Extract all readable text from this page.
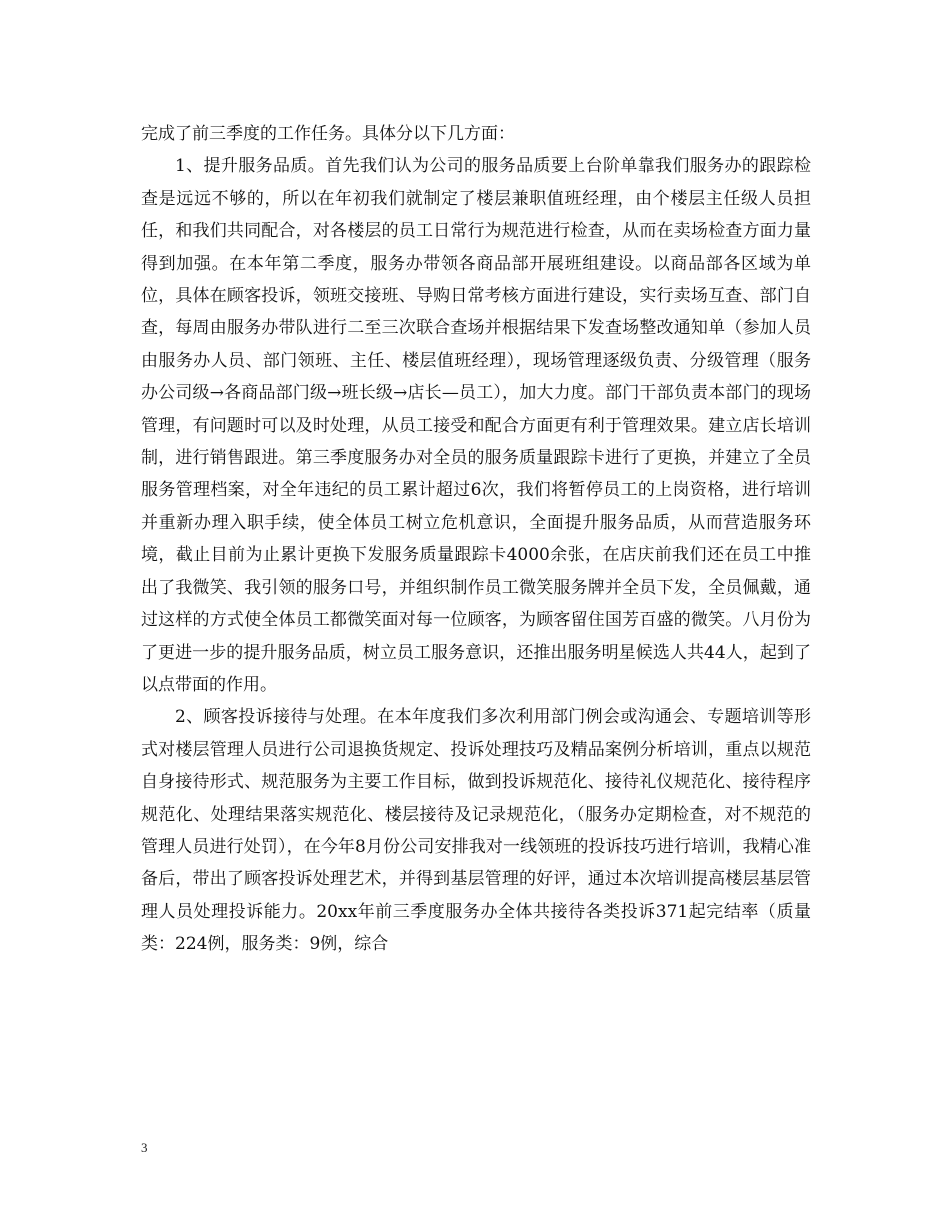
完成了前三季度的工作任务。具体分以下几方面：

1、提升服务品质。首先我们认为公司的服务品质要上台阶单靠我们服务办的跟踪检查是远远不够的，所以在年初我们就制定了楼层兼职值班经理，由个楼层主任级人员担任，和我们共同配合，对各楼层的员工日常行为规范进行检查，从而在卖场检查方面力量得到加强。在本年第二季度，服务办带领各商品部开展班组建设。以商品部各区域为单位，具体在顾客投诉，领班交接班、导购日常考核方面进行建设，实行卖场互查、部门自查，每周由服务办带队进行二至三次联合查场并根据结果下发查场整改通知单（参加人员由服务办人员、部门领班、主任、楼层值班经理），现场管理逐级负责、分级管理（服务办公司级→各商品部门级→班长级→店长—员工），加大力度。部门干部负责本部门的现场管理，有问题时可以及时处理，从员工接受和配合方面更有利于管理效果。建立店长培训制，进行销售跟进。第三季度服务办对全员的服务质量跟踪卡进行了更换，并建立了全员服务管理档案，对全年违纪的员工累计超过6次，我们将暂停员工的上岗资格，进行培训并重新办理入职手续，使全体员工树立危机意识，全面提升服务品质，从而营造服务环境，截止目前为止累计更换下发服务质量跟踪卡4000余张，在店庆前我们还在员工中推出了我微笑、我引领的服务口号，并组织制作员工微笑服务牌并全员下发，全员佩戴，通过这样的方式使全体员工都微笑面对每一位顾客，为顾客留住国芳百盛的微笑。八月份为了更进一步的提升服务品质，树立员工服务意识，还推出服务明星候选人共44人，起到了以点带面的作用。

2、顾客投诉接待与处理。在本年度我们多次利用部门例会或沟通会、专题培训等形式对楼层管理人员进行公司退换货规定、投诉处理技巧及精品案例分析培训，重点以规范自身接待形式、规范服务为主要工作目标，做到投诉规范化、接待礼仪规范化、接待程序规范化、处理结果落实规范化、楼层接待及记录规范化，（服务办定期检查，对不规范的管理人员进行处罚），在今年8月份公司安排我对一线领班的投诉技巧进行培训，我精心准备后，带出了顾客投诉处理艺术，并得到基层管理的好评，通过本次培训提高楼层基层管理人员处理投诉能力。20xx年前三季度服务办全体共接待各类投诉371起完结率（质量类：224例，服务类：9例，综合

3
